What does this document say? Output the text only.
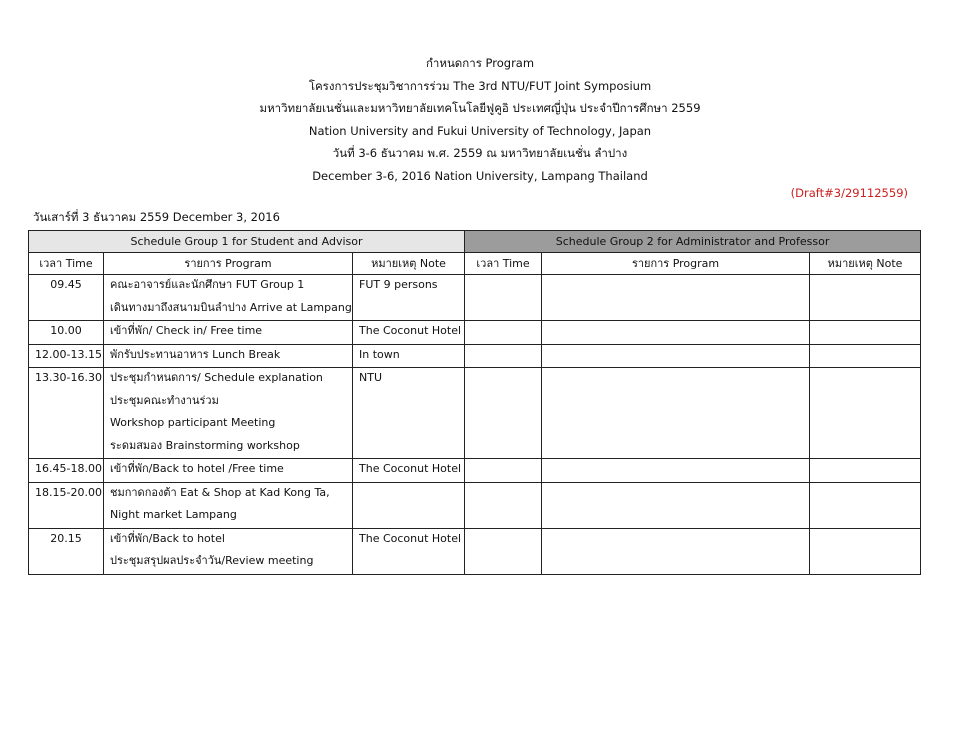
กำหนดการ Program
โครงการประชุมวิชาการร่วม The 3rd NTU/FUT Joint Symposium
มหาวิทยาลัยเนชั่นและมหาวิทยาลัยเทคโนโลยีฟูคูอิ ประเทศญี่ปุ่น ประจำปีการศึกษา 2559
Nation University and Fukui University of Technology, Japan
วันที่ 3-6 ธันวาคม พ.ศ. 2559 ณ มหาวิทยาลัยเนชั่น ลำปาง
December 3-6, 2016 Nation University, Lampang Thailand
(Draft#3/29112559)
วันเสาร์ที่ 3 ธันวาคม 2559 December 3, 2016
Schedule Group 1 for Student and Advisor			Schedule Group 2 for Administrator and Professor		
เวลา Time	รายการ Program	หมายเหตุ Note	เวลา Time	รายการ Program	หมายเหตุ Note

09.45	คณะอาจารย์และนักศึกษา FUT Group 1
เดินทางมาถึงสนามบินลำปาง Arrive at Lampang	FUT 9 persons			

10.00	เข้าที่พัก/ Check in/ Free time	The Coconut Hotel			

12.00-13.15	พักรับประทานอาหาร Lunch Break	In town			

13.30-16.30	ประชุมกำหนดการ/ Schedule explanation
ประชุมคณะทำงานร่วม
Workshop participant Meeting
ระดมสมอง Brainstorming workshop	NTU			

16.45-18.00	เข้าที่พัก/Back to hotel /Free time	The Coconut Hotel			

18.15-20.00	ชมกาดกองต้า Eat & Shop at Kad Kong Ta,
Night market Lampang				

20.15	เข้าที่พัก/Back to hotel
ประชุมสรุปผลประจำวัน/Review meeting	The Coconut Hotel			
